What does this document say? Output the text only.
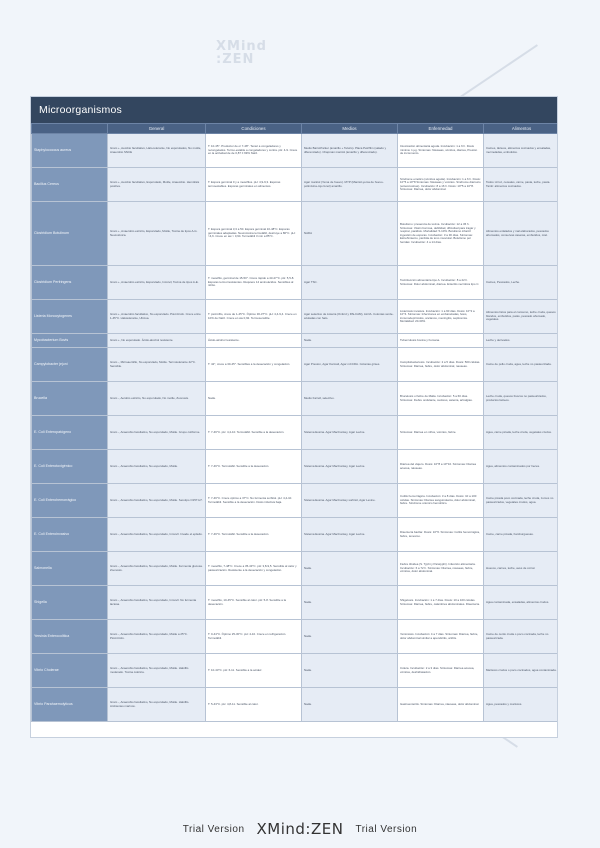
XMind
:ZEN
Microorganismos
	General	Condiciones	Medios	Enfermedad	Alimentos
Staphylococcus aureus	Gram +, Aerobio facultativo, Halo-tolerante, No esporulados, No motile, Anaerobio SNCE	T: 10-45°. Productor de o/ 7-48°. Tenaz a congeladores y recongelados. Termo-estable a congeladores y contra. pH: 4-9. Crece en la actividad de de 0,87 ± 99% NaCl.	Medio Baird-Parker (amarillo + Telurio). Placa Petrifilm (salado y diferenciado). Chapman manitol (amarillo y diferenciado).	Intoxicación alimentaria aguda. Incubación: 1 a 6 h. Dosis mínima: 1 µg. Síntomas: Náuseas, vómitos, diarrea, Presión de incremento.	Carnes, lácteos, alimentos cocinados y ensaladas, mermeladas, embutidos.
Bacillus Cereus	Gram +, Aerobio facultativo, Esporulado, Motile, Anaerobio. Hemólisis positiva.	T: Espora germinal 0 y a mesófilos. pH: 4,9-9,3. Esporas termoestables. Esporas germinales en alimentos.	Agar manitol (Yema de huevo). MYP (Manitol-yema de huevo-polimixina-rojo fenol) amarillo.	Síndrome emético (vómitos aguda). Incubación: 1 a 6 h. Dosis: 10^5 a 10^8 Síntomas: Náuseas y vómitos. Síndrome diarreico (enterotoxinas). Incubación: 8 a 16 h. Dosis: 10^5 a 10^8. Síntomas: Diarrea, dolor abdominal.	Todos: Arroz, cereales, carne, pasta, leche, pasta. Tamb: alimentos cocinados.
Clostridium Botulinum	Gram +, Anaerobio estricto, Esporulado, Motile, Toxina de tipos A-G. Neurotóxica.	T: Espora germinal 3,3 a 50. Espora germinal 10-48°C. Esporas germinales adaptadas. Neurotoxina termolábil, destruye a 80°C. pH: >4,6. Crece en aw > 0,94. Termolábil 3 min a 85°C.	NADA	Botulismo: presencia de toxina. Incubación: 12 a 36 h. Síntomas: Visión borrosa, debilidad, dificultad para tragar y respirar, parálisis. Mortalidad: 5-10%. Botulismo infantil: ingestión de esporas. Incubación: 3 a 30 días. Síntomas: Estreñimiento, pérdida de tono muscular. Botulismo por heridas: Incubación: 4 a 14 días.	Alimentos enlatados y mal elaborados, pescados ahumados, conservas caseras, embutidos, miel.
Clostridium Perfringens	Gram +, Anaerobio estricto, Esporulado, Inmóvil, Toxina de tipos A-E.	T: mesófilo, germinal de 15-50°. Crece rápido a 43-47°C. pH: 5,5-8. Esporas termorresistentes. Requiere 14 aminoácidos. Sensibles al nitrito.	Agar TSC.	Toxiinfección alimentaria tipo A. Incubación: 8 a 22 h. Síntomas: Dolor abdominal, diarrea. Enteritis necrótica tipo C.	Carnes, Pescados, Leche.
Listeria Monocytogenes	Gram +, Anaerobio facultativo, No esporulado. Psicrótrofo. Crece entre 1-45°C. Halotolerante, Ubicua.	T: psicrófilo, crece de 1-45°C. Óptimo 30-37°C. pH: 4,4-9,4. Crece en 10% de NaCl. Crece en aw 0,92. Termosensible.	Agar selectivo de Listeria (Oxford y PALCAM), ALOA. Colonias verde-azuladas con halo.	Listeriosis invasiva. Incubación: 1 a 90 días. Dosis: 10^2 a 10^4. Síntomas: Infecciones en embarazadas, fetos, inmunodeprimidos, ancianos, meningitis, septicemia. Mortalidad: 20-30%.	Alimentos listos para el consumo, leche cruda, quesos blandos, embutidos, patés, pescado ahumado, vegetales.
Mycobacterium Bovis	Gram +, No esporulado. Ácido-alcohol resistente.	Ácido-alcohol resistente.	Nada.	Tuberculosis bovina y humana.	Leche y derivados.
Campylobacter jejuni	Gram -, Microaerófilo, No esporulado, Motile. Termotolerante 42°C. Sensible.	T: 42°, crece a 30-45°. Sensibles a la desecación y congelación.	Agar Preston, Agar Karmali, Agar mCCDA. Colonias grises.	Campilobacteriosis. Incubación: 2 a 5 días. Dosis: 500 células. Síntomas: Diarrea, fiebre, dolor abdominal, nauseas.	Carne de pollo cruda, agua, leche no pasteurizada.
Brucella	Gram -, Aerobio estricto, No esporulado, No motile, Zoonosis.	Nada.	Medio Farrell, selectivo.	Brucelosis o fiebre de Malta. Incubación: 5 a 60 días. Síntomas: Fiebre ondulante, sudores, astenia, artralgias.	Leche cruda, quesos frescos no pasteurizados, productos lácteos.
E. Coli Enteropatógeno	Gram -, Anaerobio facultativo, No esporulado, Motile. Grupo coliforme.	T: 7-46°C. pH: 4,4-10. Termolábil. Sensible a la desecación.	Sistema Eosina. Agar MacConkey, Agar Levine.	Síntomas: Diarrea en niños, vómitos, fiebre.	Agua, carne picada, leche cruda, vegetales crudos.
E. Coli Enterotoxigénico	Gram -, Anaerobio facultativo, No esporulado, Motile.	T: 7-46°C. Termolábil. Sensible a la desecación.	Sistema Eosina. Agar MacConkey, Agar Levine.	Diarrea del viajero. Dosis: 10^8 a 10^10. Síntomas: Diarrea acuosa, náuseas.	Agua, alimentos contaminados por heces.
E. Coli Enterohemorrágico	Gram -, Anaerobio facultativo, No esporulado, Motile. Serotipo O157:H7.	T: 7-46°C. Crece óptimo a 37°C. No fermenta sorbitol. pH: 4,4-10. Termolábil. Sensible a la desecación. Dosis infectiva baja.	Sistema Eosina. Agar MacConkey sorbitol, Agar Levine.	Colitis hemorrágica. Incubación: 3 a 8 días. Dosis: 10 a 100 células. Síntomas: Diarrea sanguinolenta, dolor abdominal, fiebre. Síndrome urémico hemolítico.	Carne picada poco cocinada, leche cruda, zumos no pasteurizados, vegetales crudos, agua.
E. Coli Enteroinvasivo	Gram -, Anaerobio facultativo, No esporulado, Inmóvil. Invade el epitelio.	T: 7-46°C. Termolábil. Sensible a la desecación.	Sistema Eosina. Agar MacConkey, Agar Levine.	Disentería bacilar. Dosis: 10^6. Síntomas: Colitis hemorrágica, fiebre, tenesmo.	Carne, carne picada, hamburguesas.
Salmonella	Gram -, Anaerobio facultativo, No esporulado, Motile. Fermenta glucosa. Zoonosis.	T: mesófilo, 7-48°C. Crece a 35-43°C. pH: 3,8-9,5. Sensible al calor y pasteurización. Resistente a la desecación y congelación.	Nada.	Fiebre tifoidea (S. Typhi y Paratyphi). Infección alimentaria. Incubación: 6 a 72 h. Síntomas: Diarrea, náuseas, fiebre, vómitos, dolor abdominal.	Huevos, carnes, leche, aves de corral.
Shigella	Gram -, Anaerobio facultativo, No esporulado, Inmóvil. No fermenta lactosa.	T: mesófilo, 10-45°C. Sensible al calor. pH: 5-8. Sensible a la desecación.	Nada.	Shigelosis. Incubación: 1 a 7 días. Dosis: 10 a 100 células. Síntomas: Diarrea, fiebre, calambres abdominales. Disentería.	Agua contaminada, ensaladas, alimentos crudos.
Yersinia Enterocolitica	Gram -, Anaerobio facultativo, No esporulado, Motile a 25°C. Psicrótrofo.	T: 0-44°C. Óptimo 25-30°C. pH: 4-10. Crece en refrigeración. Termolábil.	Nada.	Yersiniosis. Incubación: 4 a 7 días. Síntomas: Diarrea, fiebre, dolor abdominal similar a apendicitis, artritis.	Carne de cerdo cruda o poco cocinada, leche no pasteurizada.
Vibrio Cholerae	Gram -, Anaerobio facultativo, No esporulado, Motile. Halófilo moderado. Toxina colérica.	T: 10-43°C. pH: 6-11. Sensible a la acidez.	Nada.	Cólera. Incubación: 2 a 3 días. Síntomas: Diarrea acuosa, vómitos, deshidratación.	Mariscos crudos o poco cocinados, agua contaminada.
Vibrio Parahaemolyticus	Gram -, Anaerobio facultativo, No esporulado, Motile. Halófilo. Ambientes marinos.	T: 5-43°C. pH: 4,8-11. Sensible al calor.	Nada.	Gastroenteritis. Síntomas: Diarrea, náuseas, dolor abdominal.	Agua, pescados y mariscos.
Trial Version XMind:ZEN Trial Version
